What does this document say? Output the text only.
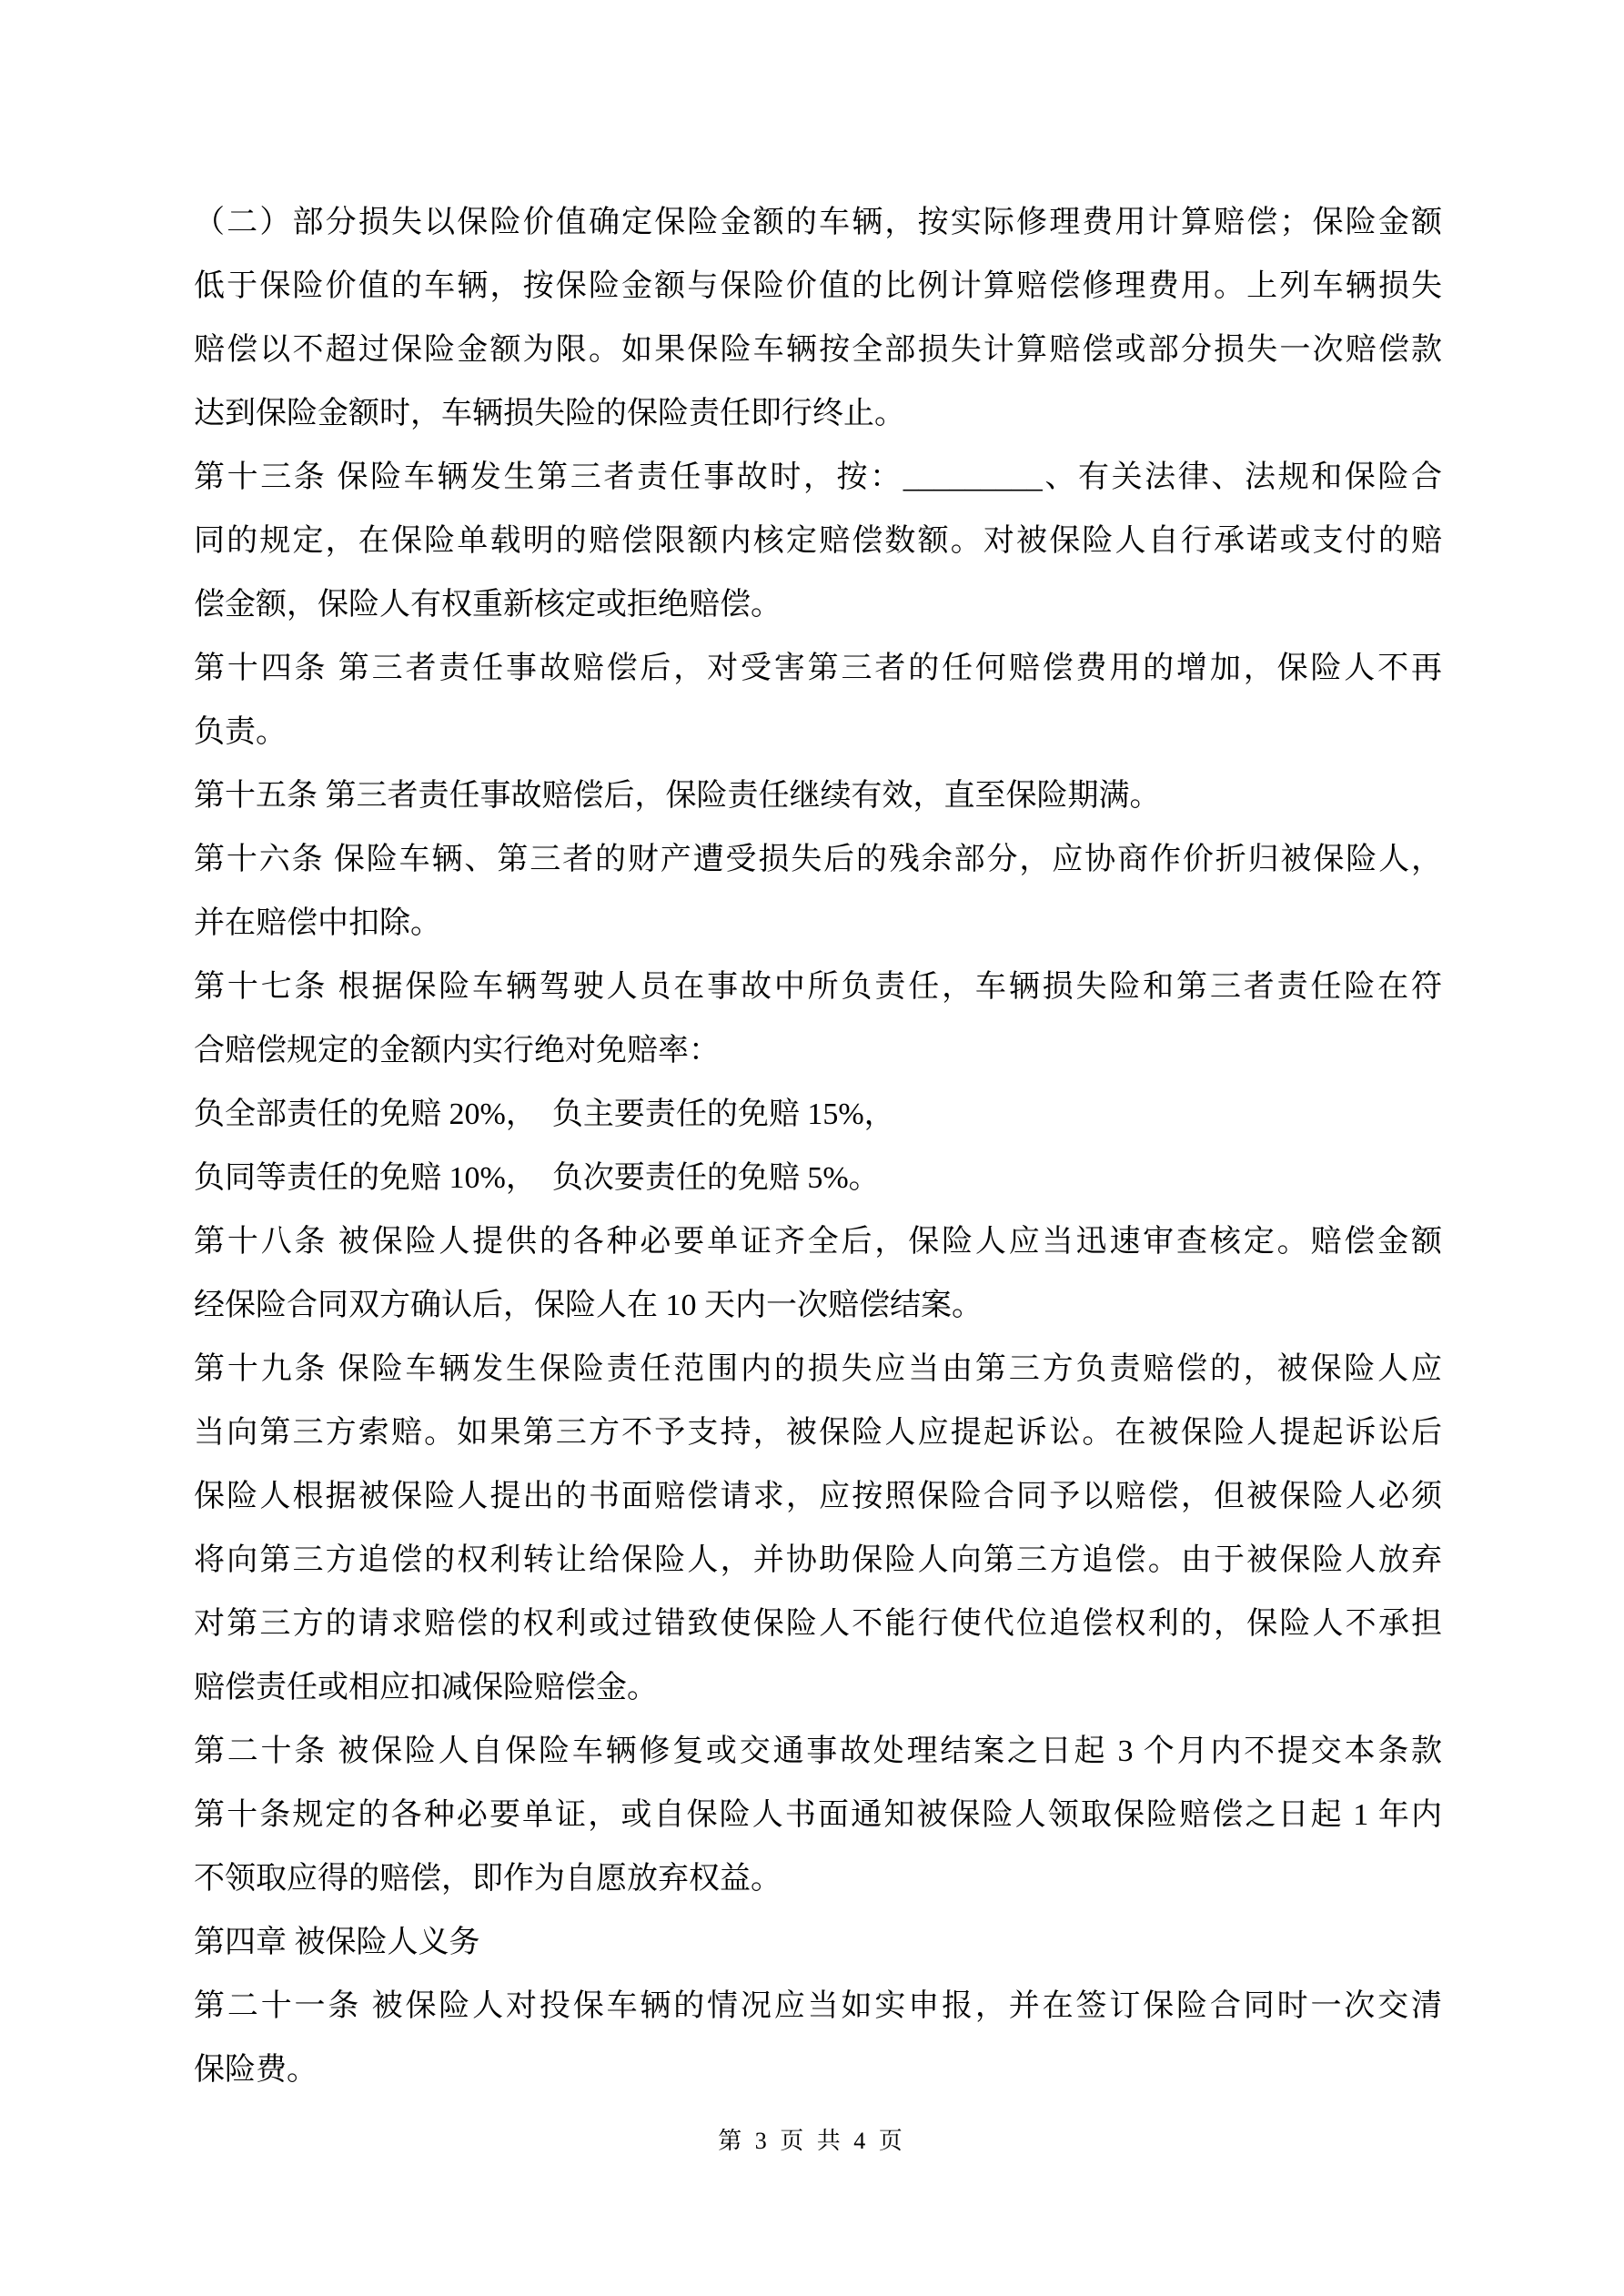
（二）部分损失以保险价值确定保险金额的车辆，按实际修理费用计算赔偿；保险金额
低于保险价值的车辆，按保险金额与保险价值的比例计算赔偿修理费用。上列车辆损失
赔偿以不超过保险金额为限。如果保险车辆按全部损失计算赔偿或部分损失一次赔偿款
达到保险金额时，车辆损失险的保险责任即行终止。
第十三条 保险车辆发生第三者责任事故时，按：_________、有关法律、法规和保险合
同的规定，在保险单载明的赔偿限额内核定赔偿数额。对被保险人自行承诺或支付的赔
偿金额，保险人有权重新核定或拒绝赔偿。
第十四条 第三者责任事故赔偿后，对受害第三者的任何赔偿费用的增加，保险人不再
负责。
第十五条 第三者责任事故赔偿后，保险责任继续有效，直至保险期满。
第十六条 保险车辆、第三者的财产遭受损失后的残余部分，应协商作价折归被保险人，
并在赔偿中扣除。
第十七条 根据保险车辆驾驶人员在事故中所负责任，车辆损失险和第三者责任险在符
合赔偿规定的金额内实行绝对免赔率：
负全部责任的免赔 20%，　负主要责任的免赔 15%，
负同等责任的免赔 10%，　负次要责任的免赔 5%。
第十八条 被保险人提供的各种必要单证齐全后，保险人应当迅速审查核定。赔偿金额
经保险合同双方确认后，保险人在 10 天内一次赔偿结案。
第十九条 保险车辆发生保险责任范围内的损失应当由第三方负责赔偿的，被保险人应
当向第三方索赔。如果第三方不予支持，被保险人应提起诉讼。在被保险人提起诉讼后
保险人根据被保险人提出的书面赔偿请求，应按照保险合同予以赔偿，但被保险人必须
将向第三方追偿的权利转让给保险人，并协助保险人向第三方追偿。由于被保险人放弃
对第三方的请求赔偿的权利或过错致使保险人不能行使代位追偿权利的，保险人不承担
赔偿责任或相应扣减保险赔偿金。
第二十条 被保险人自保险车辆修复或交通事故处理结案之日起 3 个月内不提交本条款
第十条规定的各种必要单证，或自保险人书面通知被保险人领取保险赔偿之日起 1 年内
不领取应得的赔偿，即作为自愿放弃权益。
第四章 被保险人义务
第二十一条 被保险人对投保车辆的情况应当如实申报，并在签订保险合同时一次交清
保险费。
第 3 页 共 4 页
